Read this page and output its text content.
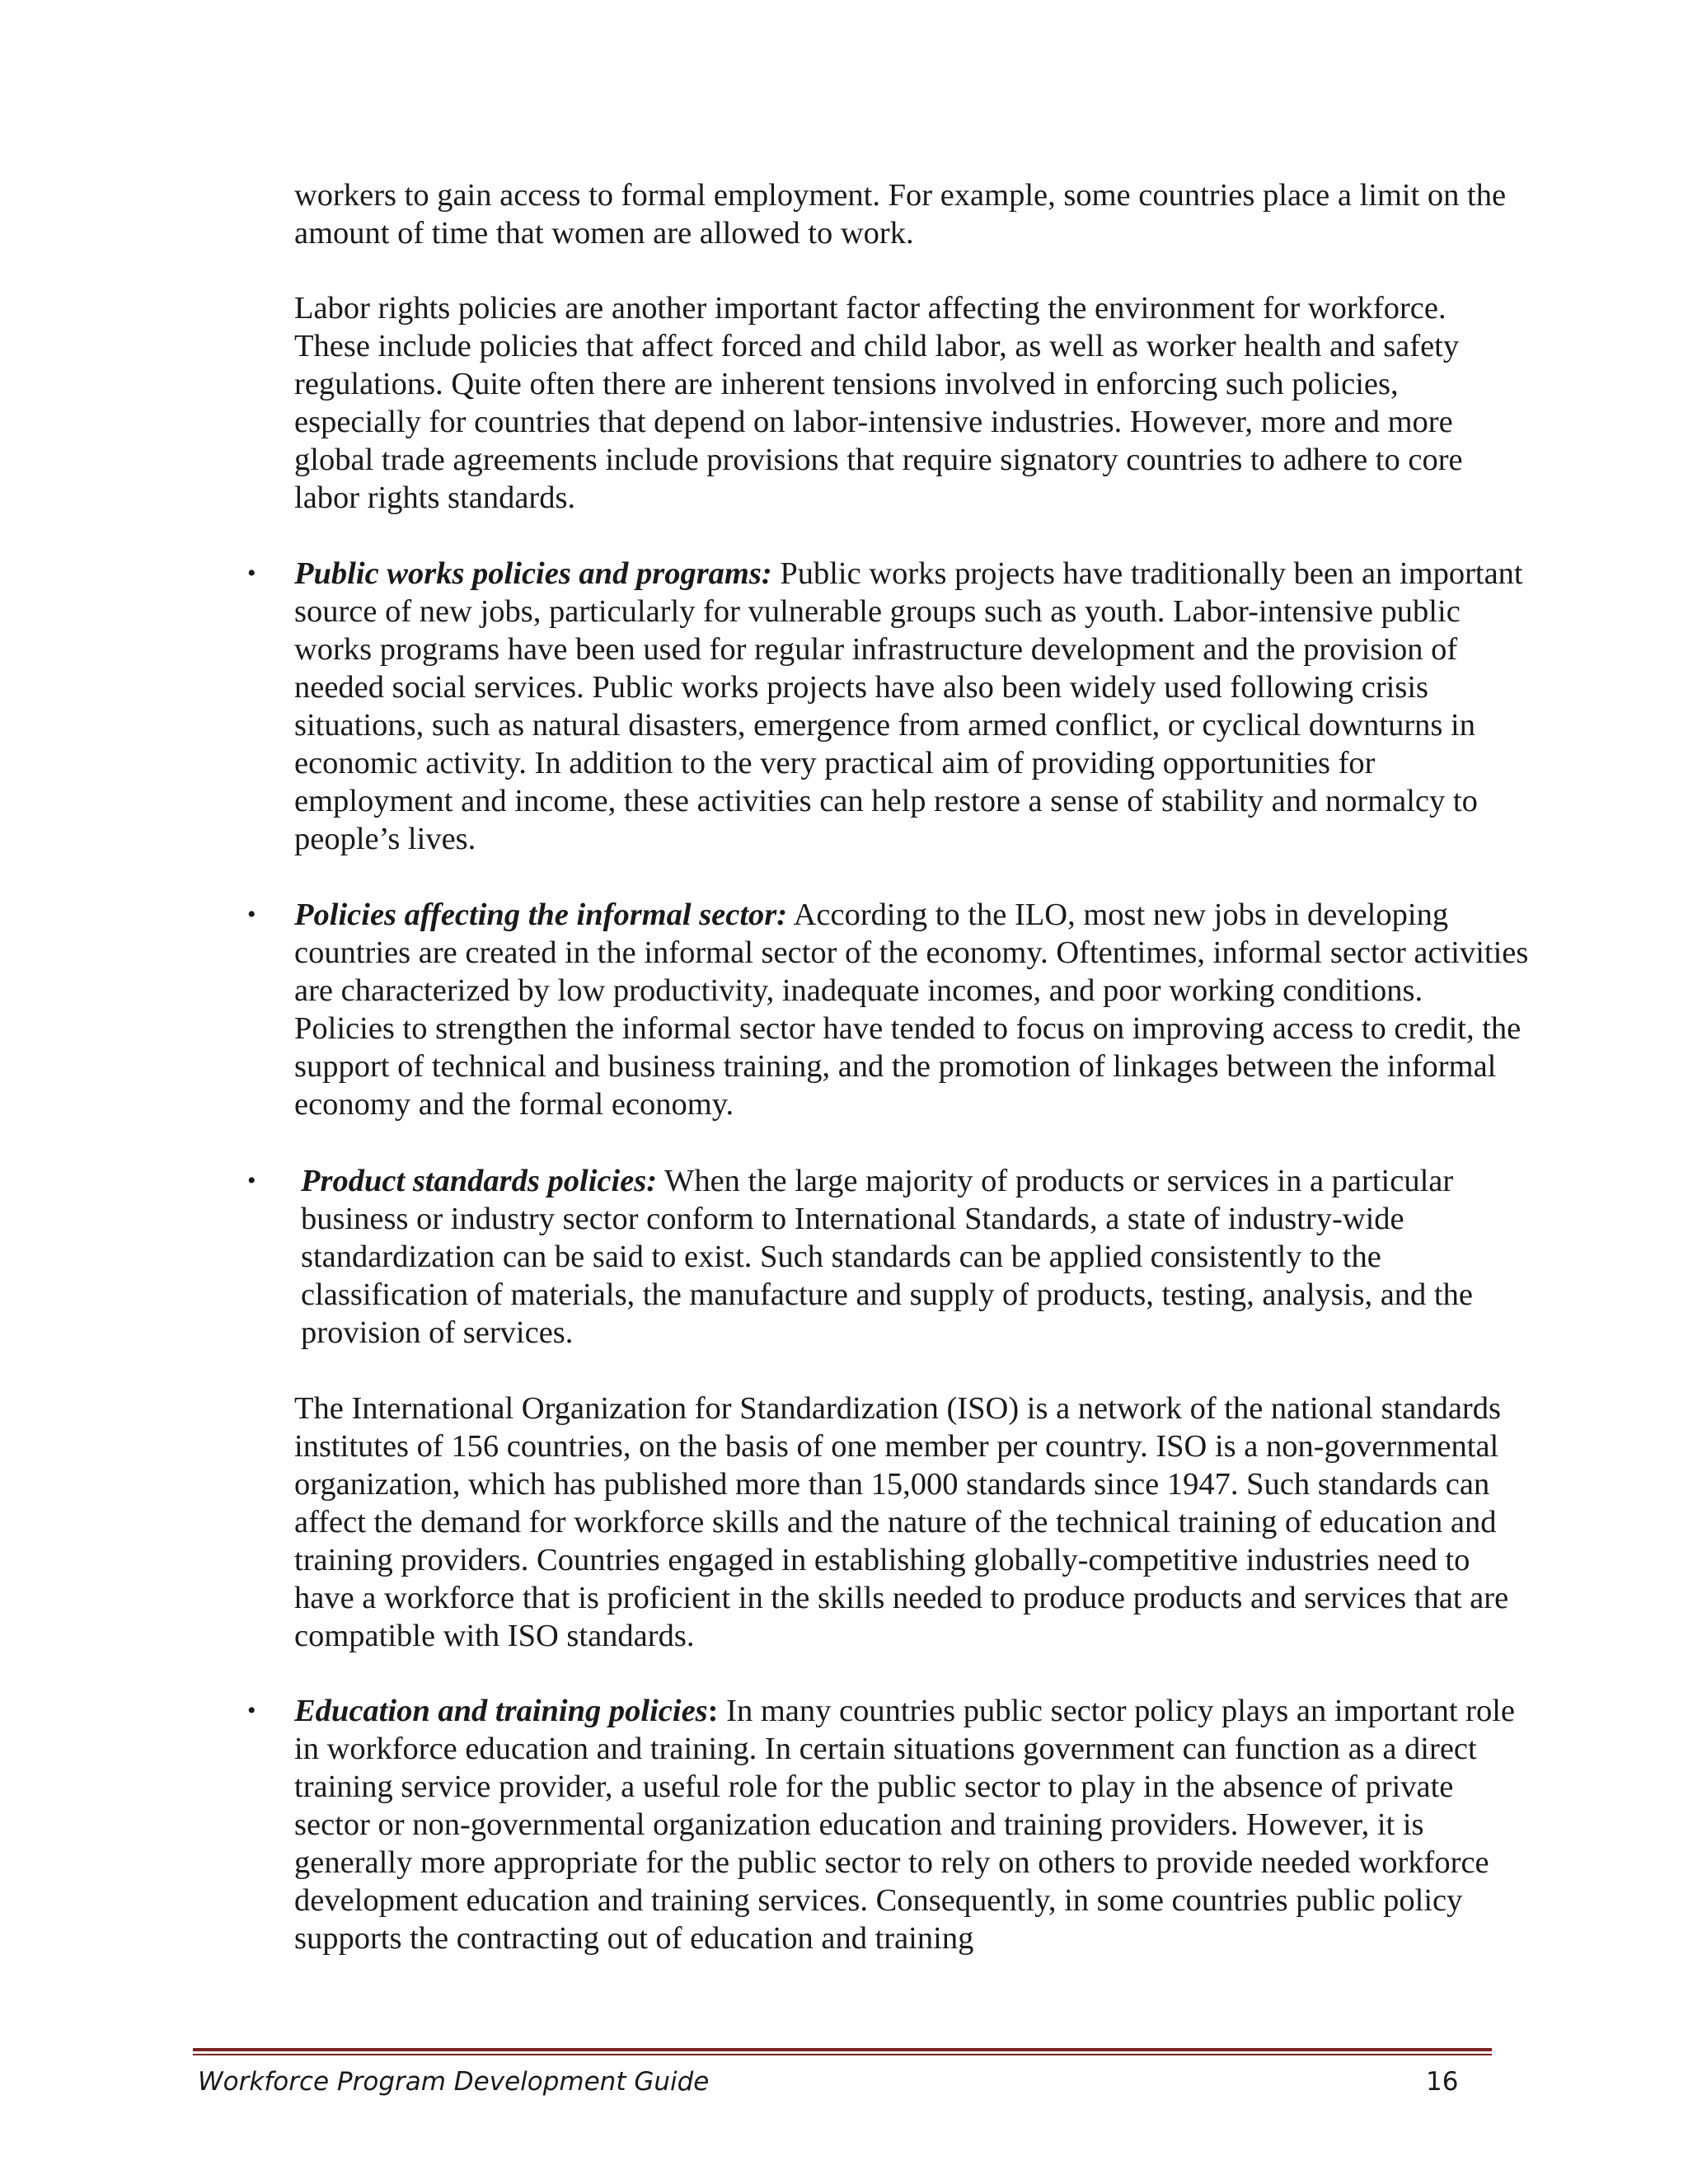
workers to gain access to formal employment. For example, some countries place a limit on the amount of time that women are allowed to work.

Labor rights policies are another important factor affecting the environment for workforce. These include policies that affect forced and child labor, as well as worker health and safety regulations. Quite often there are inherent tensions involved in enforcing such policies, especially for countries that depend on labor-intensive industries. However, more and more global trade agreements include provisions that require signatory countries to adhere to core labor rights standards.

•	Public works policies and programs: Public works projects have traditionally been an important source of new jobs, particularly for vulnerable groups such as youth. Labor-intensive public works programs have been used for regular infrastructure development and the provision of needed social services. Public works projects have also been widely used following crisis situations, such as natural disasters, emergence from armed conflict, or cyclical downturns in economic activity. In addition to the very practical aim of providing opportunities for employment and income, these activities can help restore a sense of stability and normalcy to people’s lives.

•	Policies affecting the informal sector: According to the ILO, most new jobs in developing countries are created in the informal sector of the economy. Oftentimes, informal sector activities are characterized by low productivity, inadequate incomes, and poor working conditions. Policies to strengthen the informal sector have tended to focus on improving access to credit, the support of technical and business training, and the promotion of linkages between the informal economy and the formal economy.

•	Product standards policies: When the large majority of products or services in a particular business or industry sector conform to International Standards, a state of industry-wide standardization can be said to exist. Such standards can be applied consistently to the classification of materials, the manufacture and supply of products, testing, analysis, and the provision of services.

The International Organization for Standardization (ISO) is a network of the national standards institutes of 156 countries, on the basis of one member per country. ISO is a non-governmental organization, which has published more than 15,000 standards since 1947. Such standards can affect the demand for workforce skills and the nature of the technical training of education and training providers. Countries engaged in establishing globally-competitive industries need to have a workforce that is proficient in the skills needed to produce products and services that are compatible with ISO standards.

•	Education and training policies: In many countries public sector policy plays an important role in workforce education and training. In certain situations government can function as a direct training service provider, a useful role for the public sector to play in the absence of private sector or non-governmental organization education and training providers. However, it is generally more appropriate for the public sector to rely on others to provide needed workforce development education and training services. Consequently, in some countries public policy supports the contracting out of education and training

Workforce Program Development Guide	16
